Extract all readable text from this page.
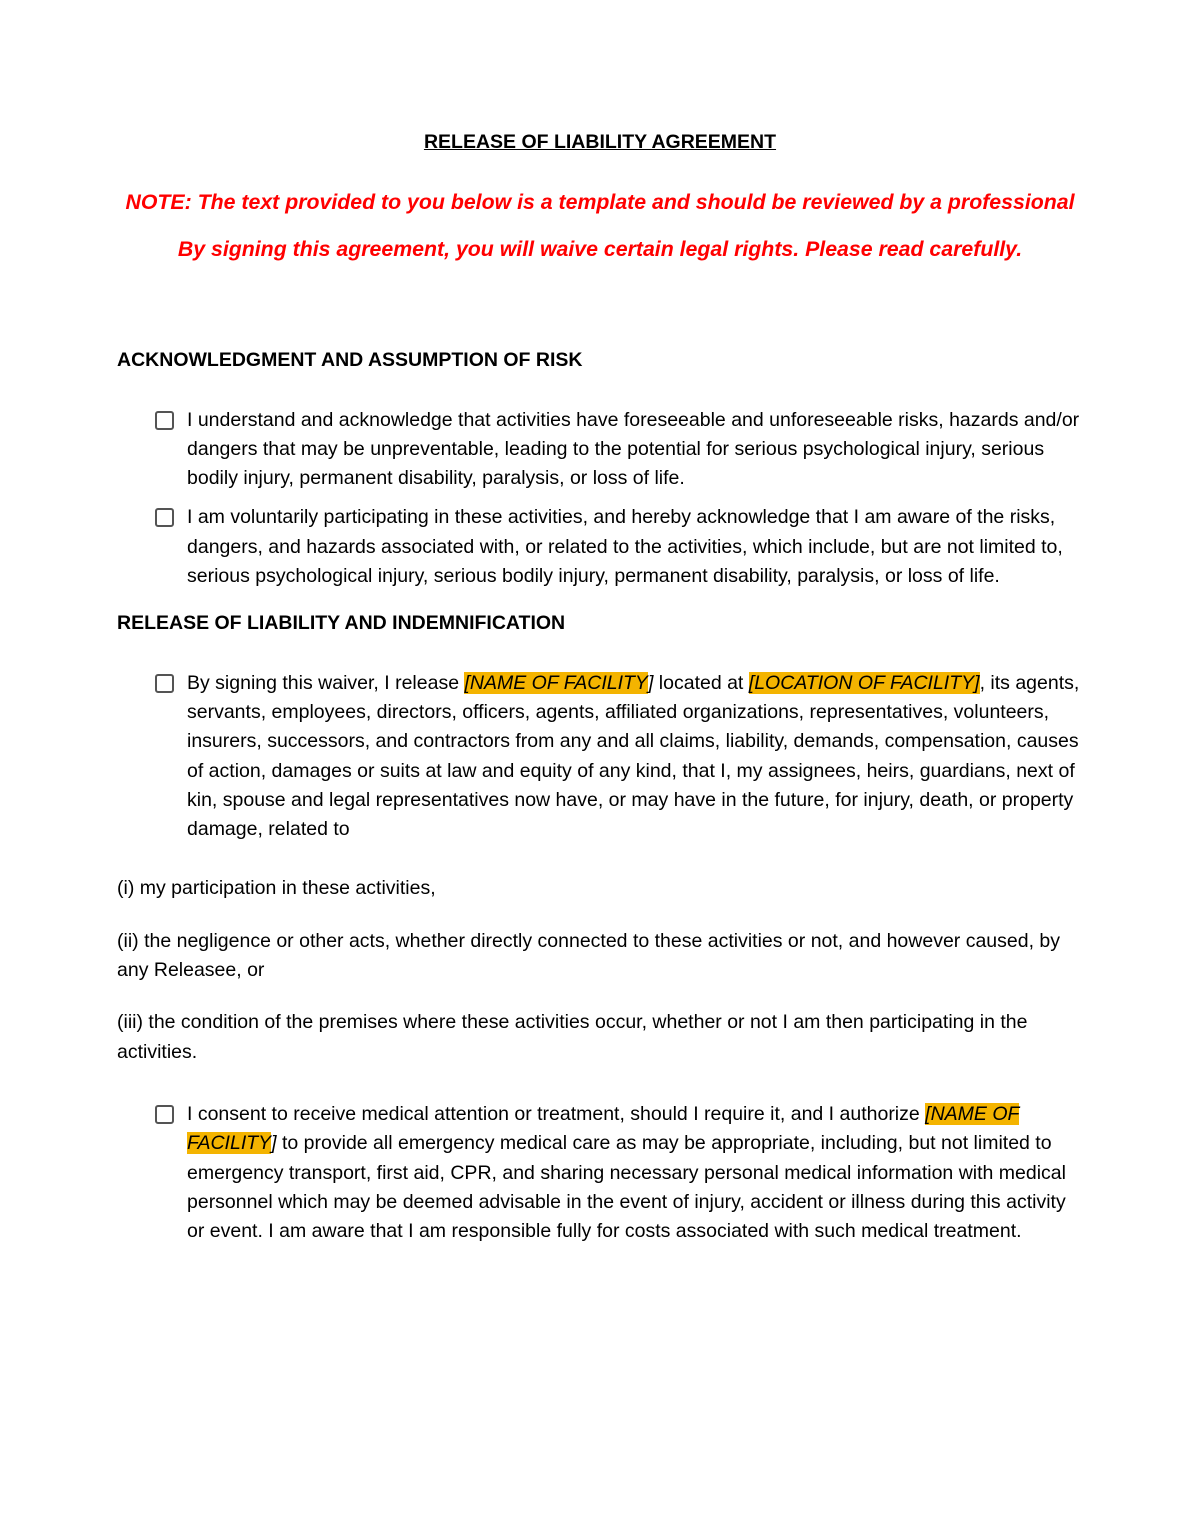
RELEASE OF LIABILITY AGREEMENT

NOTE: The text provided to you below is a template and should be reviewed by a professional

By signing this agreement, you will waive certain legal rights. Please read carefully.

ACKNOWLEDGMENT AND ASSUMPTION OF RISK
I understand and acknowledge that activities have foreseeable and unforeseeable risks, hazards and/or dangers that may be unpreventable, leading to the potential for serious psychological injury, serious bodily injury, permanent disability, paralysis, or loss of life.
I am voluntarily participating in these activities, and hereby acknowledge that I am aware of the risks, dangers, and hazards associated with, or related to the activities, which include, but are not limited to, serious psychological injury, serious bodily injury, permanent disability, paralysis, or loss of life.
RELEASE OF LIABILITY AND INDEMNIFICATION
By signing this waiver, I release [NAME OF FACILITY] located at [LOCATION OF FACILITY], its agents, servants, employees, directors, officers, agents, affiliated organizations, representatives, volunteers, insurers, successors, and contractors from any and all claims, liability, demands, compensation, causes of action, damages or suits at law and equity of any kind, that I, my assignees, heirs, guardians, next of kin, spouse and legal representatives now have, or may have in the future, for injury, death, or property damage, related to

(i) my participation in these activities,

(ii) the negligence or other acts, whether directly connected to these activities or not, and however caused, by any Releasee, or

(iii) the condition of the premises where these activities occur, whether or not I am then participating in the activities.

I consent to receive medical attention or treatment, should I require it, and I authorize [NAME OF FACILITY] to provide all emergency medical care as may be appropriate, including, but not limited to emergency transport, first aid, CPR, and sharing necessary personal medical information with medical personnel which may be deemed advisable in the event of injury, accident or illness during this activity or event. I am aware that I am responsible fully for costs associated with such medical treatment.
